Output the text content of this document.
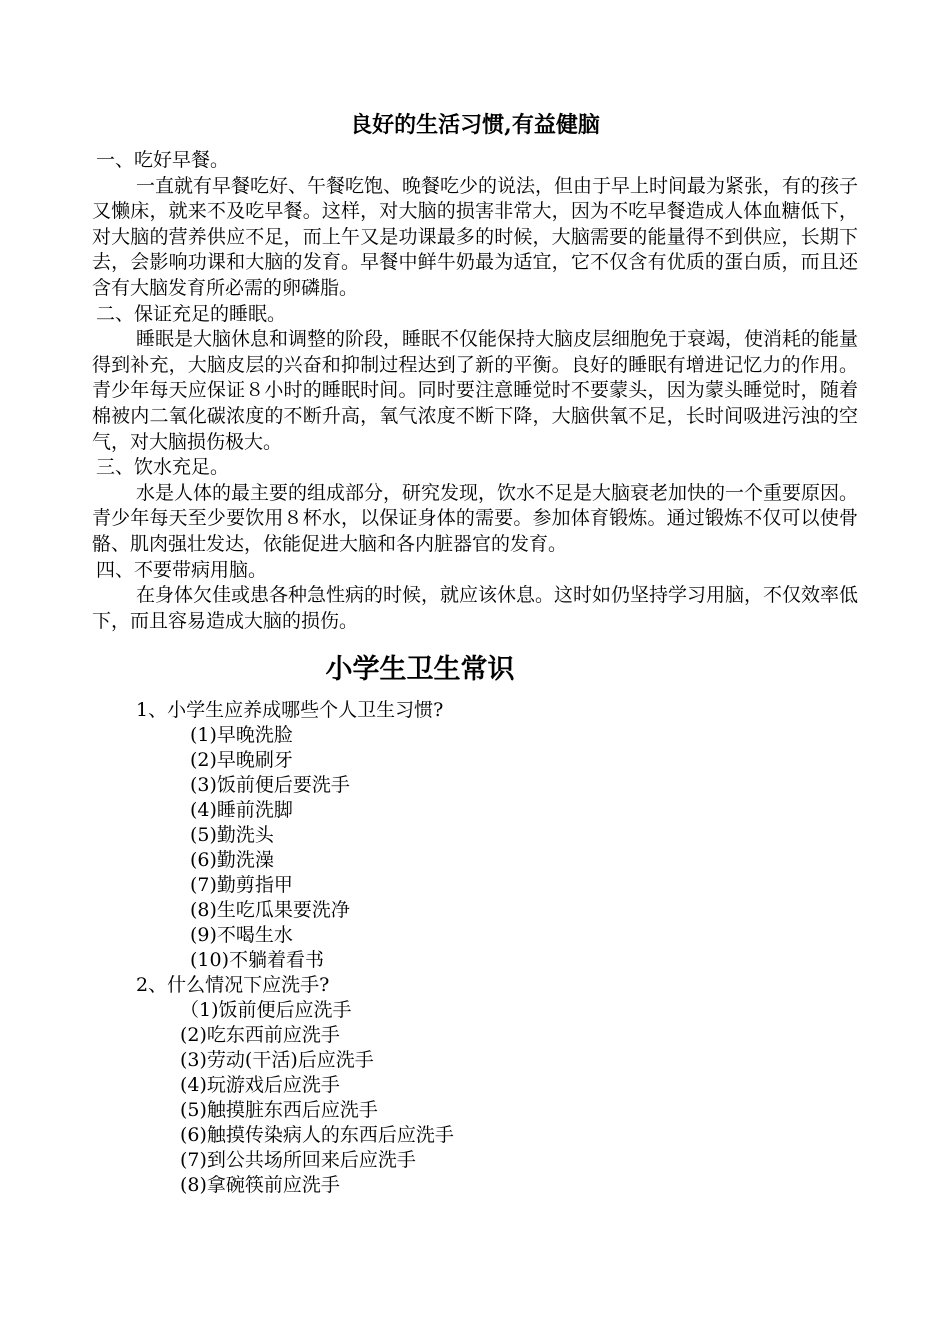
良好的生活习惯,有益健脑
一、吃好早餐。
一直就有早餐吃好、午餐吃饱、晚餐吃少的说法，但由于早上时间最为紧张，有的孩子又懒床，就来不及吃早餐。这样，对大脑的损害非常大，因为不吃早餐造成人体血糖低下，对大脑的营养供应不足，而上午又是功课最多的时候，大脑需要的能量得不到供应，长期下去，会影响功课和大脑的发育。早餐中鲜牛奶最为适宜，它不仅含有优质的蛋白质，而且还含有大脑发育所必需的卵磷脂。
二、保证充足的睡眠。
睡眠是大脑休息和调整的阶段，睡眠不仅能保持大脑皮层细胞免于衰竭，使消耗的能量得到补充，大脑皮层的兴奋和抑制过程达到了新的平衡。良好的睡眠有增进记忆力的作用。青少年每天应保证８小时的睡眠时间。同时要注意睡觉时不要蒙头，因为蒙头睡觉时，随着棉被内二氧化碳浓度的不断升高，氧气浓度不断下降，大脑供氧不足，长时间吸进污浊的空气，对大脑损伤极大。
三、饮水充足。
水是人体的最主要的组成部分，研究发现，饮水不足是大脑衰老加快的一个重要原因。青少年每天至少要饮用８杯水，以保证身体的需要。参加体育锻炼。通过锻炼不仅可以使骨骼、肌肉强壮发达，依能促进大脑和各内脏器官的发育。
四、不要带病用脑。
在身体欠佳或患各种急性病的时候，就应该休息。这时如仍坚持学习用脑，不仅效率低下，而且容易造成大脑的损伤。
小学生卫生常识
1、小学生应养成哪些个人卫生习惯?
(1)早晚洗脸
(2)早晚刷牙
(3)饭前便后要洗手
(4)睡前洗脚
(5)勤洗头
(6)勤洗澡
(7)勤剪指甲
(8)生吃瓜果要洗净
(9)不喝生水
(10)不躺着看书
2、什么情况下应洗手?
（1)饭前便后应洗手
(2)吃东西前应洗手
(3)劳动(干活)后应洗手
(4)玩游戏后应洗手
(5)触摸脏东西后应洗手
(6)触摸传染病人的东西后应洗手
(7)到公共场所回来后应洗手
(8)拿碗筷前应洗手
